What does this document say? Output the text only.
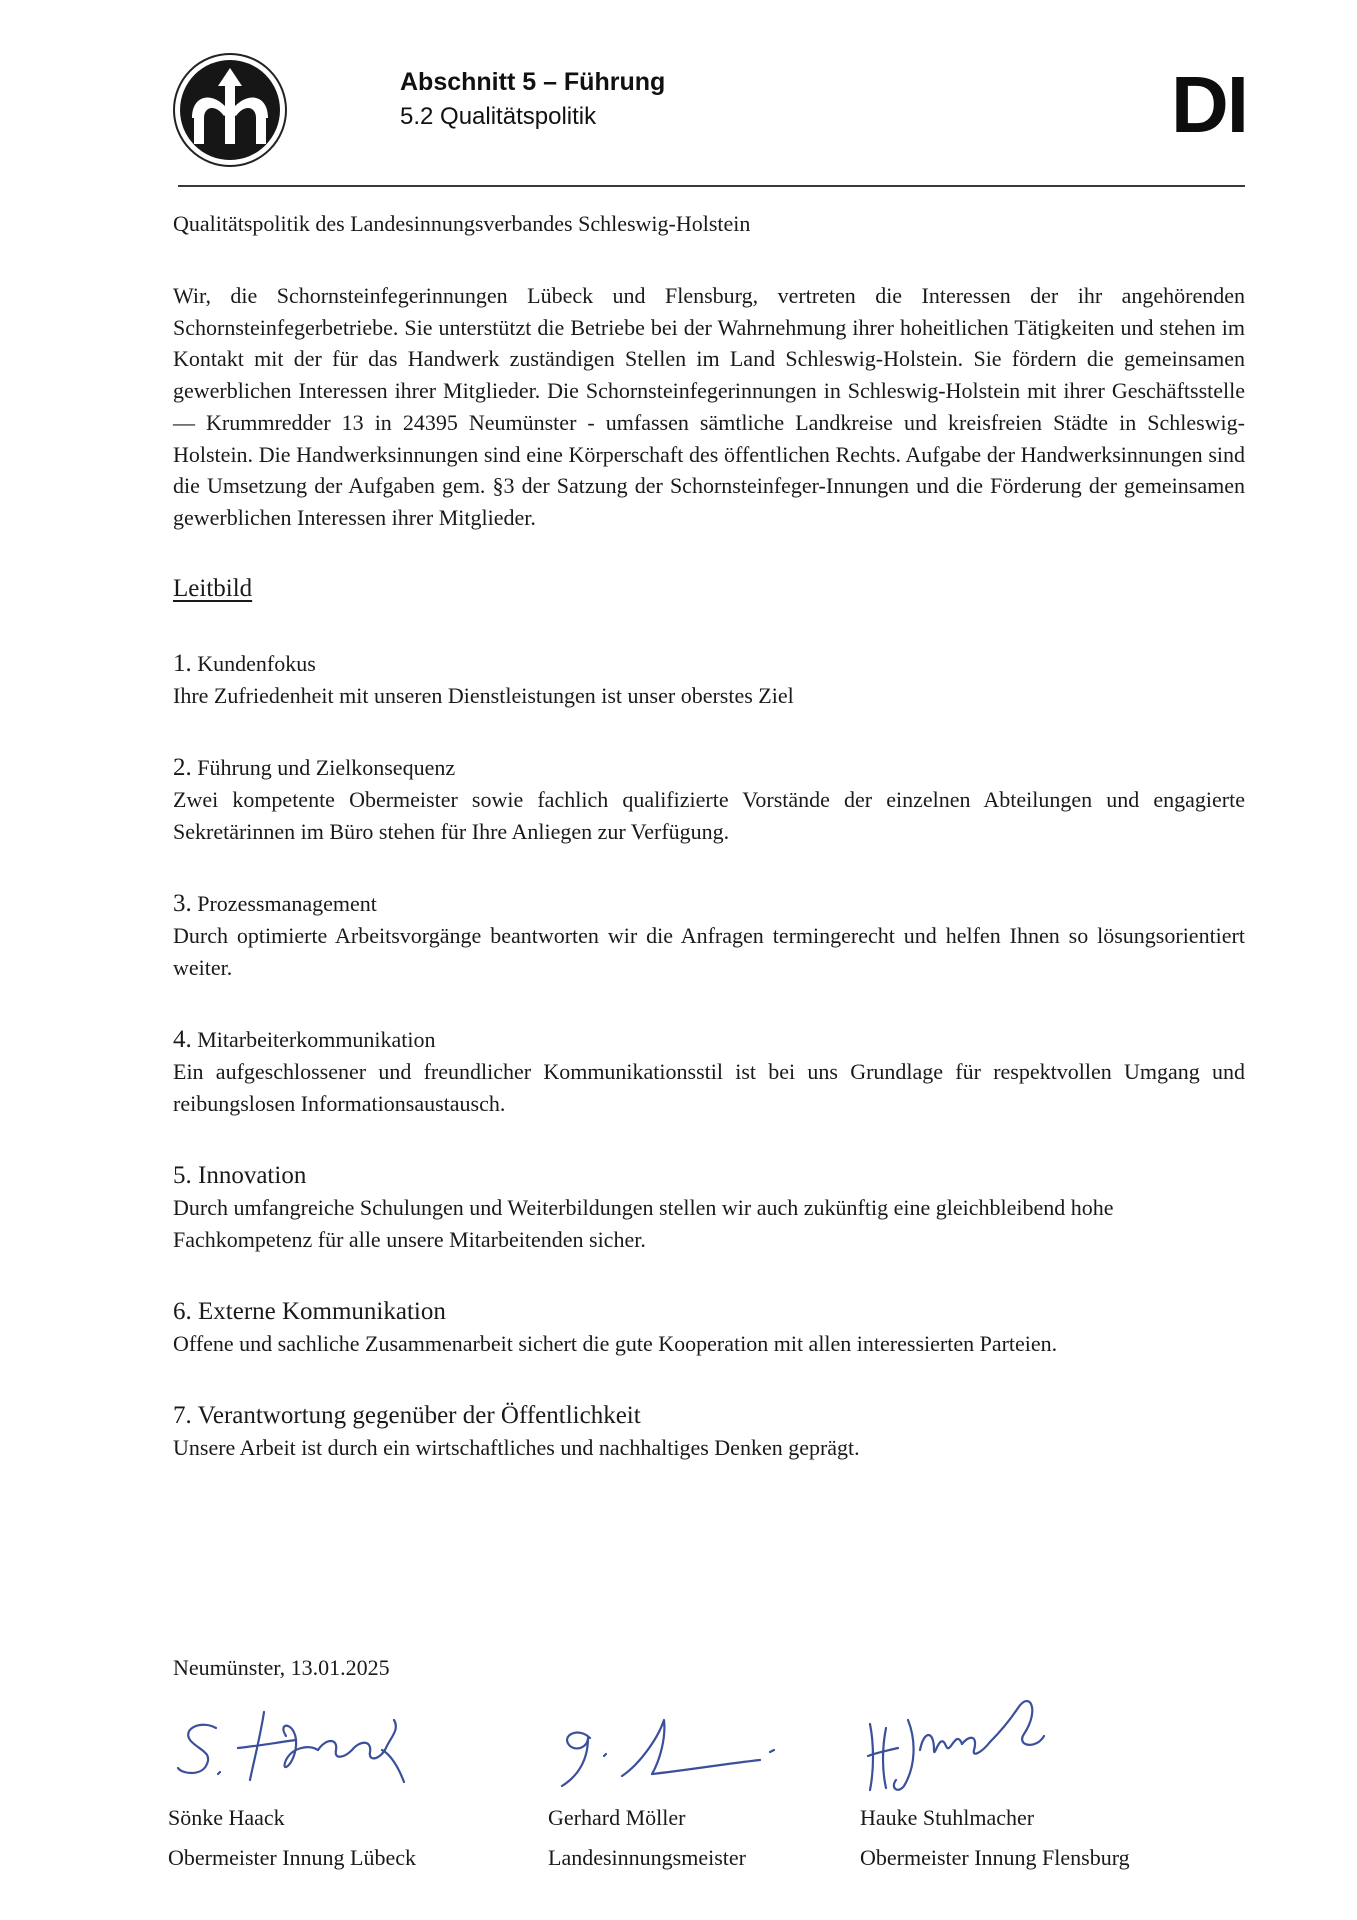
Abschnitt 5 – Führung
5.2 Qualitätspolitik	DI
Qualitätspolitik des Landesinnungsverbandes Schleswig-Holstein

Wir, die Schornsteinfegerinnungen Lübeck und Flensburg, vertreten die Interessen der ihr angehörenden Schornsteinfegerbetriebe. Sie unterstützt die Betriebe bei der Wahrnehmung ihrer hoheitlichen Tätigkeiten und stehen im Kontakt mit der für das Handwerk zuständigen Stellen im Land Schleswig-Holstein. Sie fördern die gemeinsamen gewerblichen Interessen ihrer Mitglieder. Die Schornsteinfegerinnungen in Schleswig-Holstein mit ihrer Geschäftsstelle — Krummredder 13 in 24395 Neumünster - umfassen sämtliche Landkreise und kreisfreien Städte in Schleswig-Holstein. Die Handwerksinnungen sind eine Körperschaft des öffentlichen Rechts. Aufgabe der Handwerksinnungen sind die Umsetzung der Aufgaben gem. §3 der Satzung der Schornsteinfeger-Innungen und die Förderung der gemeinsamen gewerblichen Interessen ihrer Mitglieder.

Leitbild
1. Kundenfokus

Ihre Zufriedenheit mit unseren Dienstleistungen ist unser oberstes Ziel

2. Führung und Zielkonsequenz

Zwei kompetente Obermeister sowie fachlich qualifizierte Vorstände der einzelnen Abteilungen und engagierte Sekretärinnen im Büro stehen für Ihre Anliegen zur Verfügung.

3. Prozessmanagement

Durch optimierte Arbeitsvorgänge beantworten wir die Anfragen termingerecht und helfen Ihnen so lösungsorientiert weiter.

4. Mitarbeiterkommunikation

Ein aufgeschlossener und freundlicher Kommunikationsstil ist bei uns Grundlage für respektvollen Umgang und reibungslosen Informationsaustausch.

5. Innovation

Durch umfangreiche Schulungen und Weiterbildungen stellen wir auch zukünftig eine gleichbleibend hohe Fachkompetenz für alle unsere Mitarbeitenden sicher.

6. Externe Kommunikation

Offene und sachliche Zusammenarbeit sichert die gute Kooperation mit allen interessierten Parteien.

7. Verantwortung gegenüber der Öffentlichkeit

Unsere Arbeit ist durch ein wirtschaftliches und nachhaltiges Denken geprägt.

Neumünster, 13.01.2025
Sönke Haack
Obermeister Innung Lübeck
Gerhard Möller
Landesinnungsmeister
Hauke Stuhlmacher
Obermeister Innung Flensburg
